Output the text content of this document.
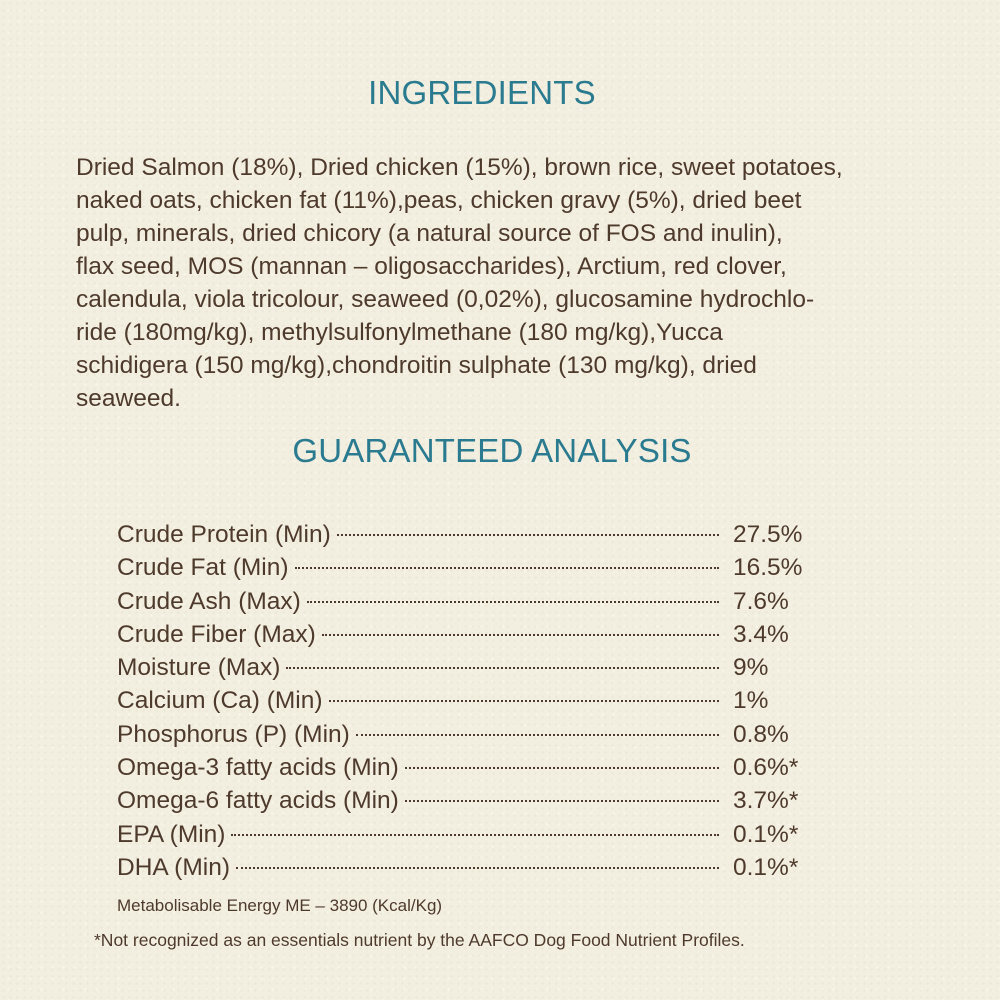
INGREDIENTS

Dried Salmon (18%), Dried chicken (15%), brown rice, sweet potatoes,
naked oats, chicken fat (11%),peas, chicken gravy (5%), dried beet
pulp, minerals, dried chicory (a natural source of FOS and inulin),
flax seed, MOS (mannan – oligosaccharides), Arctium, red clover,
calendula, viola tricolour, seaweed (0,02%), glucosamine hydrochlo-
ride (180mg/kg), methylsulfonylmethane (180 mg/kg),Yucca
schidigera (150 mg/kg),chondroitin sulphate (130 mg/kg), dried
seaweed.

GUARANTEED ANALYSIS
Crude Protein (Min)	27.5%
Crude Fat (Min)	16.5%
Crude Ash (Max)	7.6%
Crude Fiber (Max)	3.4%
Moisture (Max)	9%
Calcium (Ca) (Min)	1%
Phosphorus (P) (Min)	0.8%
Omega-3 fatty acids (Min)	0.6%*
Omega-6 fatty acids (Min)	3.7%*
EPA (Min)	0.1%*
DHA (Min)	0.1%*

Metabolisable Energy ME – 3890 (Kcal/Kg)

*Not recognized as an essentials nutrient by the AAFCO Dog Food Nutrient Profiles.
